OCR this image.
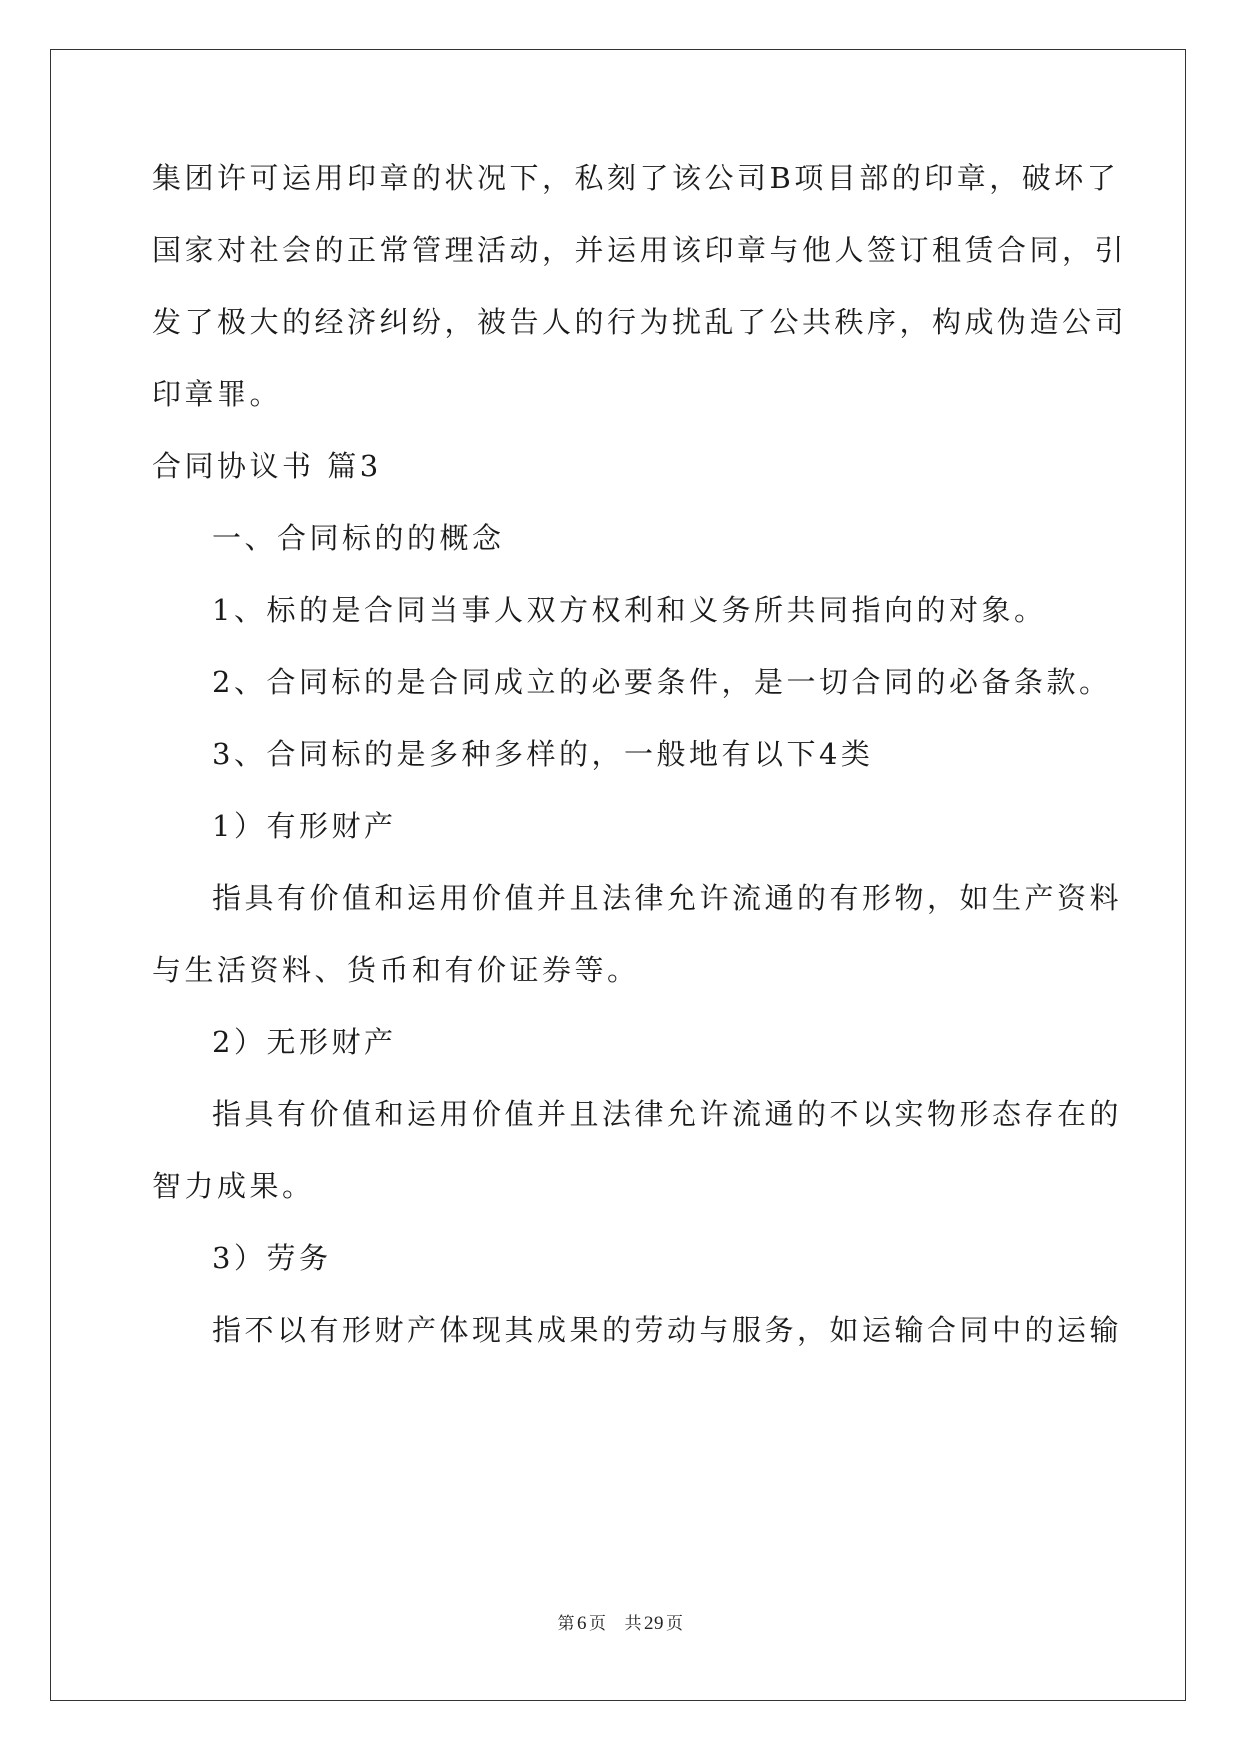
集团许可运用印章的状况下，私刻了该公司B项目部的印章，破坏了
国家对社会的正常管理活动，并运用该印章与他人签订租赁合同，引
发了极大的经济纠纷，被告人的行为扰乱了公共秩序，构成伪造公司
印章罪。
合同协议书 篇3
一、合同标的的概念
1、标的是合同当事人双方权利和义务所共同指向的对象。
2、合同标的是合同成立的必要条件，是一切合同的必备条款。
3、合同标的是多种多样的，一般地有以下4类
1）有形财产
指具有价值和运用价值并且法律允许流通的有形物，如生产资料
与生活资料、货币和有价证券等。
2）无形财产
指具有价值和运用价值并且法律允许流通的不以实物形态存在的
智力成果。
3）劳务
指不以有形财产体现其成果的劳动与服务，如运输合同中的运输
第 6 页 共 29 页
